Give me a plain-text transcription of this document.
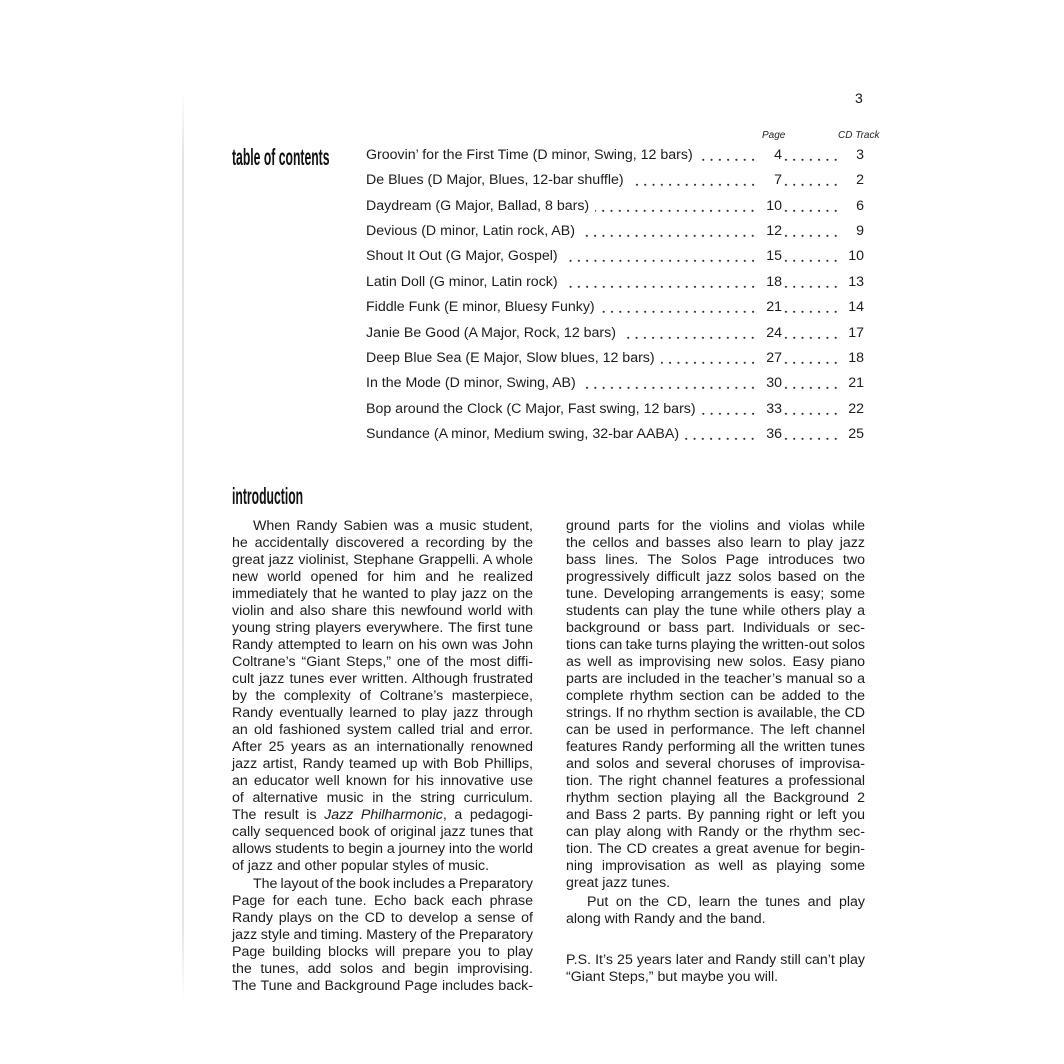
3
Page	CD Track
table of contents	Groovin’ for the First Time (D minor, Swing, 12 bars)	4	3
De Blues (D Major, Blues, 12-bar shuffle)	7	2
Daydream (G Major, Ballad, 8 bars)	10	6
Devious (D minor, Latin rock, AB)	12	9
Shout It Out (G Major, Gospel)	15	10
Latin Doll (G minor, Latin rock)	18	13
Fiddle Funk (E minor, Bluesy Funky)	21	14
Janie Be Good (A Major, Rock, 12 bars)	24	17
Deep Blue Sea (E Major, Slow blues, 12 bars)	27	18
In the Mode (D minor, Swing, AB)	30	21
Bop around the Clock (C Major, Fast swing, 12 bars)	33	22
Sundance (A minor, Medium swing, 32-bar AABA)	36	25
introduction
When Randy Sabien was a music student,
he accidentally discovered a recording by the
great jazz violinist, Stephane Grappelli. A whole
new world opened for him and he realized
immediately that he wanted to play jazz on the
violin and also share this newfound world with
young string players everywhere. The first tune
Randy attempted to learn on his own was John
Coltrane’s “Giant Steps,” one of the most diffi-
cult jazz tunes ever written. Although frustrated
by the complexity of Coltrane’s masterpiece,
Randy eventually learned to play jazz through
an old fashioned system called trial and error.
After 25 years as an internationally renowned
jazz artist, Randy teamed up with Bob Phillips,
an educator well known for his innovative use
of alternative music in the string curriculum.
The result is Jazz Philharmonic, a pedagogi-
cally sequenced book of original jazz tunes that
allows students to begin a journey into the world
of jazz and other popular styles of music.
The layout of the book includes a Preparatory
Page for each tune. Echo back each phrase
Randy plays on the CD to develop a sense of
jazz style and timing. Mastery of the Preparatory
Page building blocks will prepare you to play
the tunes, add solos and begin improvising.
The Tune and Background Page includes back-
ground parts for the violins and violas while
the cellos and basses also learn to play jazz
bass lines. The Solos Page introduces two
progressively difficult jazz solos based on the
tune. Developing arrangements is easy; some
students can play the tune while others play a
background or bass part. Individuals or sec-
tions can take turns playing the written-out solos
as well as improvising new solos. Easy piano
parts are included in the teacher’s manual so a
complete rhythm section can be added to the
strings. If no rhythm section is available, the CD
can be used in performance. The left channel
features Randy performing all the written tunes
and solos and several choruses of improvisa-
tion. The right channel features a professional
rhythm section playing all the Background 2
and Bass 2 parts. By panning right or left you
can play along with Randy or the rhythm sec-
tion. The CD creates a great avenue for begin-
ning improvisation as well as playing some
great jazz tunes.
Put on the CD, learn the tunes and play
along with Randy and the band.
P.S. It’s 25 years later and Randy still can’t play
“Giant Steps,” but maybe you will.
